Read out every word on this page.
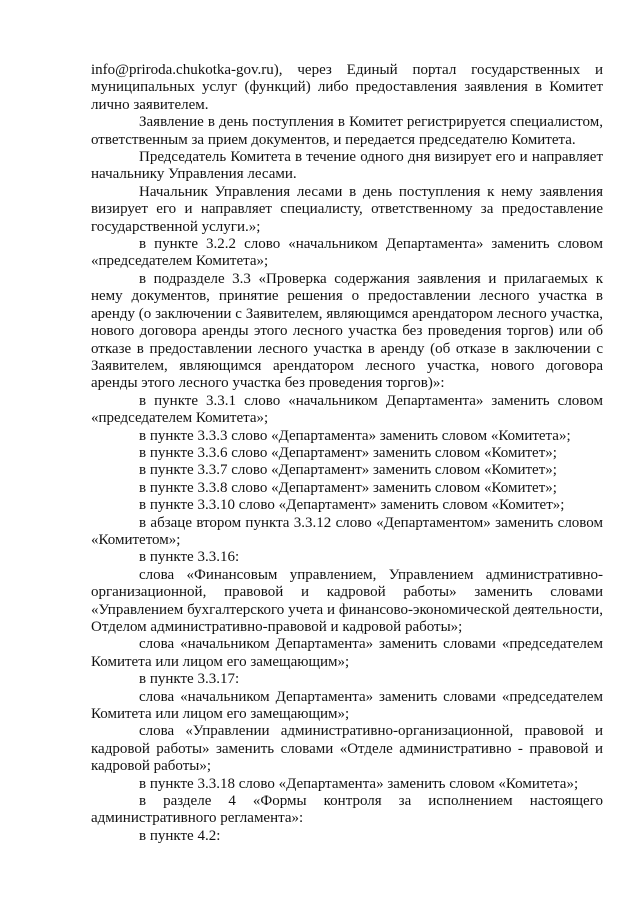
info@priroda.chukotka-gov.ru), через Единый портал государственных и муниципальных услуг (функций) либо предоставления заявления в Комитет лично заявителем.

Заявление в день поступления в Комитет регистрируется специалистом, ответственным за прием документов, и передается председателю Комитета.

Председатель Комитета в течение одного дня визирует его и направляет начальнику Управления лесами.

Начальник Управления лесами в день поступления к нему заявления визирует его и направляет специалисту, ответственному за предоставление государственной услуги.»;

в пункте 3.2.2 слово «начальником Департамента» заменить словом «председателем Комитета»;

в подразделе 3.3 «Проверка содержания заявления и прилагаемых к нему документов, принятие решения о предоставлении лесного участка в аренду (о заключении с Заявителем, являющимся арендатором лесного участка, нового договора аренды этого лесного участка без проведения торгов) или об отказе в предоставлении лесного участка в аренду (об отказе в заключении с Заявителем, являющимся арендатором лесного участка, нового договора аренды этого лесного участка без проведения торгов)»:

в пункте 3.3.1 слово «начальником Департамента» заменить словом «председателем Комитета»;

в пункте 3.3.3 слово «Департамента» заменить словом «Комитета»;

в пункте 3.3.6 слово «Департамент» заменить словом «Комитет»;

в пункте 3.3.7 слово «Департамент» заменить словом «Комитет»;

в пункте 3.3.8 слово «Департамент» заменить словом «Комитет»;

в пункте 3.3.10 слово «Департамент» заменить словом «Комитет»;

в абзаце втором пункта 3.3.12 слово «Департаментом» заменить словом «Комитетом»;

в пункте 3.3.16:

слова «Финансовым управлением, Управлением административно-организационной, правовой и кадровой работы» заменить словами «Управлением бухгалтерского учета и финансово-экономической деятельности, Отделом административно-правовой и кадровой работы»;

слова «начальником Департамента» заменить словами «председателем Комитета или лицом его замещающим»;

в пункте 3.3.17:

слова «начальником Департамента» заменить словами «председателем Комитета или лицом его замещающим»;

слова «Управлении административно-организационной, правовой и кадровой работы» заменить словами «Отделе административно - правовой и кадровой работы»;

в пункте 3.3.18 слово «Департамента» заменить словом «Комитета»;

в разделе 4 «Формы контроля за исполнением настоящего административного регламента»:

в пункте 4.2:
